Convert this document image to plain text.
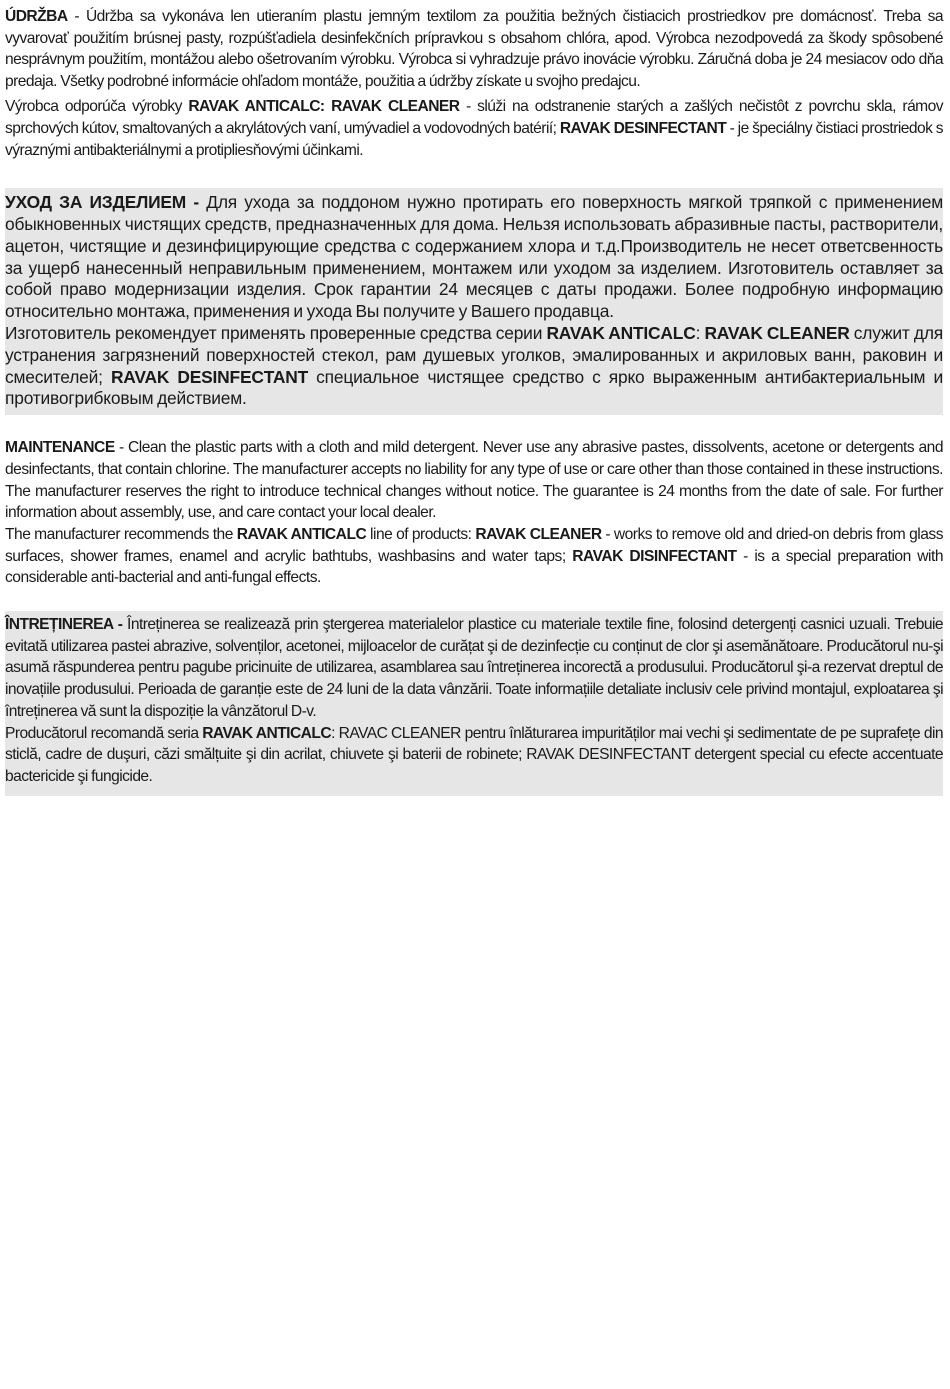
ÚDRŽBA - Údržba sa vykonáva len utieraním plastu jemným textilom za použitia bežných čistiacich prostriedkov pre domácnosť. Treba sa vyvarovať použitím brúsnej pasty, rozpúšťadiela desinfekčních prípravkou s obsahom chlóra, apod. Výrobca nezodpovedá za škody spôsobené nesprávnym použitím, montážou alebo ošetrovaním výrobku. Výrobca si vyhradzuje právo inovácie výrobku. Záručná doba je 24 mesiacov odo dňa predaja. Všetky podrobné informácie ohľadom montáže, použitia a údržby získate u svojho predajcu.

Výrobca odporúča výrobky RAVAK ANTICALC: RAVAK CLEANER - slúži na odstranenie starých a zašlých nečistôt z povrchu skla, rámov sprchových kútov, smaltovaných a akrylátových vaní, umývadiel a vodovodných batérií; RAVAK DESINFECTANT - je špeciálny čistiaci prostriedok s výraznými antibakteriálnymi a protipliesňovými účinkami.

УХОД ЗА ИЗДЕЛИЕМ - Для ухода за поддоном нужно протирать его поверхность мягкой тряпкой с применением обыкновенных чистящих средств, предназначенных для дома. Нельзя использовать абразивные пасты, растворители, ацетон, чистящие и дезинфицирующие средства с содержанием хлора и т.д.Производитель не несет ответсвенность за ущерб нанесенный неправильным применением, монтажем или уходом за изделием. Изготовитель оставляет за собой право модернизации изделия. Срок гарантии 24 месяцев с даты продажи. Более подробную информацию относительно монтажа, применения и ухода Вы получите у Вашего продавца.

Изготовитель рекомендует применять проверенные средства серии RAVAK ANTICALC: RAVAK CLEANER служит для устранения загрязнений поверхностей стекол, рам душевых уголков, эмалированных и акриловых ванн, раковин и смесителей; RAVAK DESINFECTANT специальное чистящее средство с ярко выраженным антибактериальным и противогрибковым действием.

MAINTENANCE - Clean the plastic parts with a cloth and mild detergent. Never use any abrasive pastes, dissolvents, acetone or detergents and desinfectants, that contain chlorine. The manufacturer accepts no liability for any type of use or care other than those contained in these instructions. The manufacturer reserves the right to introduce technical changes without notice. The guarantee is 24 months from the date of sale. For further information about assembly, use, and care contact your local dealer.

The manufacturer recommends the RAVAK ANTICALC line of products: RAVAK CLEANER - works to remove old and dried-on debris from glass surfaces, shower frames, enamel and acrylic bathtubs, washbasins and water taps; RAVAK DISINFECTANT - is a special preparation with considerable anti-bacterial and anti-fungal effects.

ÎNTREȚINEREA - Întreținerea se realizează prin ştergerea materialelor plastice cu materiale textile fine, folosind detergenți casnici uzuali. Trebuie evitată utilizarea pastei abrazive, solvenților, acetonei, mijloacelor de curățat şi de dezinfecție cu conținut de clor şi asemănătoare. Producătorul nu-şi asumă răspunderea pentru pagube pricinuite de utilizarea, asamblarea sau întreținerea incorectă a produsului. Producătorul şi-a rezervat dreptul de inovațiile produsului. Perioada de garanție este de 24 luni de la data vânzării. Toate informațiile detaliate inclusiv cele privind montajul, exploatarea şi întreținerea vă sunt la dispoziție la vânzătorul D-v.

Producătorul recomandă seria RAVAK ANTICALC: RAVAC CLEANER pentru înlăturarea impurităților mai vechi şi sedimentate de pe suprafețe din sticlă, cadre de duşuri, căzi smălțuite şi din acrilat, chiuvete şi baterii de robinete; RAVAK DESINFECTANT detergent special cu efecte accentuate bactericide şi fungicide.
